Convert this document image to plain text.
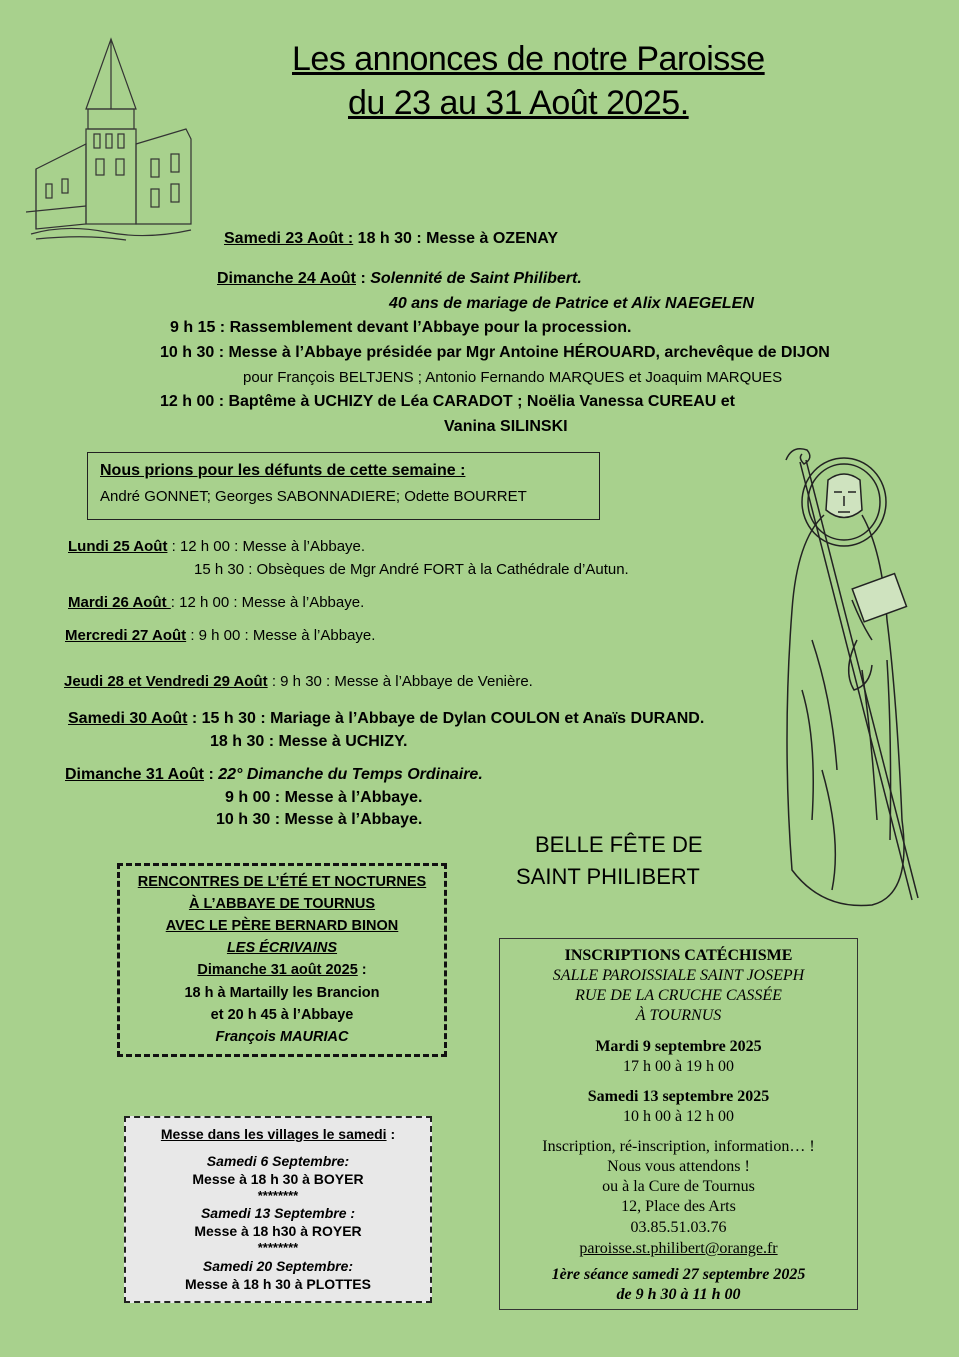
Les annonces de notre Paroisse
du 23 au 31 Août 2025.
Samedi 23 Août : 18 h 30 : Messe à OZENAY
Dimanche 24 Août : Solennité de Saint Philibert.
40 ans de mariage de Patrice et Alix NAEGELEN
9 h 15 : Rassemblement devant l’Abbaye pour la procession.
10 h 30 : Messe à l’Abbaye présidée par Mgr Antoine HÉROUARD, archevêque de DIJON
pour François BELTJENS ; Antonio Fernando MARQUES et Joaquim MARQUES
12 h 00 : Baptême à UCHIZY de Léa CARADOT ; Noëlia Vanessa CUREAU et
Vanina SILINSKI
Nous prions pour les défunts de cette semaine :
André GONNET; Georges SABONNADIERE; Odette BOURRET
Lundi 25 Août : 12 h 00 : Messe à l’Abbaye.
15 h 30 : Obsèques de Mgr André FORT à la Cathédrale d’Autun.
Mardi 26 Août : 12 h 00 : Messe à l’Abbaye.
Mercredi 27 Août : 9 h 00 : Messe à l’Abbaye.
Jeudi 28 et Vendredi 29 Août : 9 h 30 : Messe à l’Abbaye de Venière.
Samedi 30 Août : 15 h 30 : Mariage à l’Abbaye de Dylan COULON et Anaïs DURAND.
18 h 30 : Messe à UCHIZY.
Dimanche 31 Août : 22° Dimanche du Temps Ordinaire.
9 h 00 : Messe à l’Abbaye.
10 h 30 : Messe à l’Abbaye.
BELLE FÊTE DE
SAINT PHILIBERT
RENCONTRES DE L’ÉTÉ ET NOCTURNES
À L’ABBAYE DE TOURNUS
AVEC LE PÈRE BERNARD BINON
LES ÉCRIVAINS
Dimanche 31 août 2025 :
18 h à Martailly les Brancion
et 20 h 45 à l’Abbaye
François MAURIAC
Messe dans les villages le samedi :
Samedi 6 Septembre:
Messe à 18 h 30 à BOYER
********
Samedi 13 Septembre :
Messe à 18 h30 à ROYER
********
Samedi 20 Septembre:
Messe à 18 h 30 à PLOTTES
INSCRIPTIONS CATÉCHISME
SALLE PAROISSIALE SAINT JOSEPH
RUE DE LA CRUCHE CASSÉE
À TOURNUS
Mardi 9 septembre 2025
17 h 00 à 19 h 00
Samedi 13 septembre 2025
10 h 00 à 12 h 00
Inscription, ré-inscription, information… !
Nous vous attendons !
ou à la Cure de Tournus
12, Place des Arts
03.85.51.03.76
paroisse.st.philibert@orange.fr
1ère séance samedi 27 septembre 2025
de 9 h 30 à 11 h 00
